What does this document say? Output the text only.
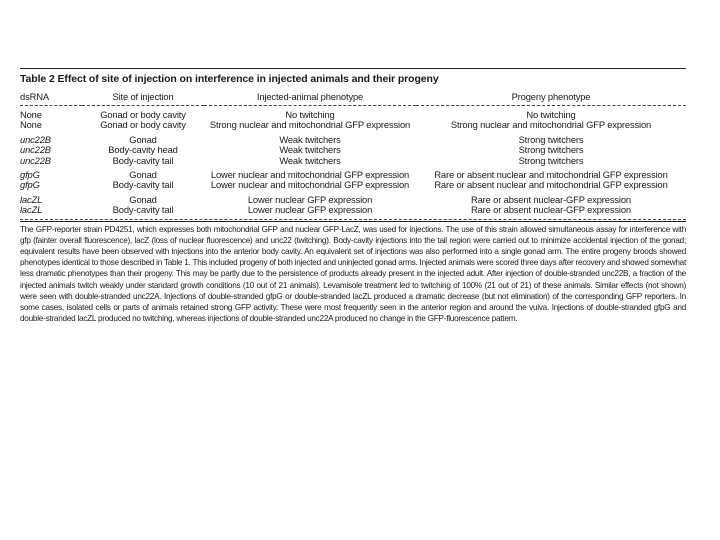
Table 2 Effect of site of injection on interference in injected animals and their progeny
dsRNA	Site of injection	Injected-animal phenotype	Progeny phenotype
None	Gonad or body cavity	No twitching	No twitching
None	Gonad or body cavity	Strong nuclear and mitochondrial GFP expression	Strong nuclear and mitochondrial GFP expression
unc22B	Gonad	Weak twitchers	Strong twitchers
unc22B	Body-cavity head	Weak twitchers	Strong twitchers
unc22B	Body-cavity tail	Weak twitchers	Strong twitchers
gfpG	Gonad	Lower nuclear and mitochondrial GFP expression	Rare or absent nuclear and mitochondrial GFP expression
gfpG	Body-cavity tail	Lower nuclear and mitochondrial GFP expression	Rare or absent nuclear and mitochondrial GFP expression
lacZL	Gonad	Lower nuclear GFP expression	Rare or absent nuclear-GFP expression
lacZL	Body-cavity tail	Lower nuclear GFP expression	Rare or absent nuclear-GFP expression
The GFP-reporter strain PD4251, which expresses both mitochondrial GFP and nuclear GFP-LacZ, was used for injections. The use of this strain allowed simultaneous assay for interference with gfp (fainter overall fluorescence), lacZ (loss of nuclear fluorescence) and unc22 (twitching). Body-cavity injections into the tail region were carried out to minimize accidental injection of the gonad; equivalent results have been observed with injections into the anterior body cavity. An equivalent set of injections was also performed into a single gonad arm. The entire progeny broods showed phenotypes identical to those described in Table 1. This included progeny of both injected and uninjected gonad arms. Injected animals were scored three days after recovery and showed somewhat less dramatic phenotypes than their progeny. This may be partly due to the persistence of products already present in the injected adult. After injection of double-stranded unc22B, a fraction of the injected animals twitch weakly under standard growth conditions (10 out of 21 animals). Levamisole treatment led to twitching of 100% (21 out of 21) of these animals. Similar effects (not shown) were seen with double-stranded unc22A. Injections of double-stranded gfpG or double-stranded lacZL produced a dramatic decrease (but not elimination) of the corresponding GFP reporters. In some cases, isolated cells or parts of animals retained strong GFP activity. These were most frequently seen in the anterior region and around the vulva. Injections of double-stranded gfpG and double-stranded lacZL produced no twitching, whereas injections of double-stranded unc22A produced no change in the GFP-fluorescence pattern.
